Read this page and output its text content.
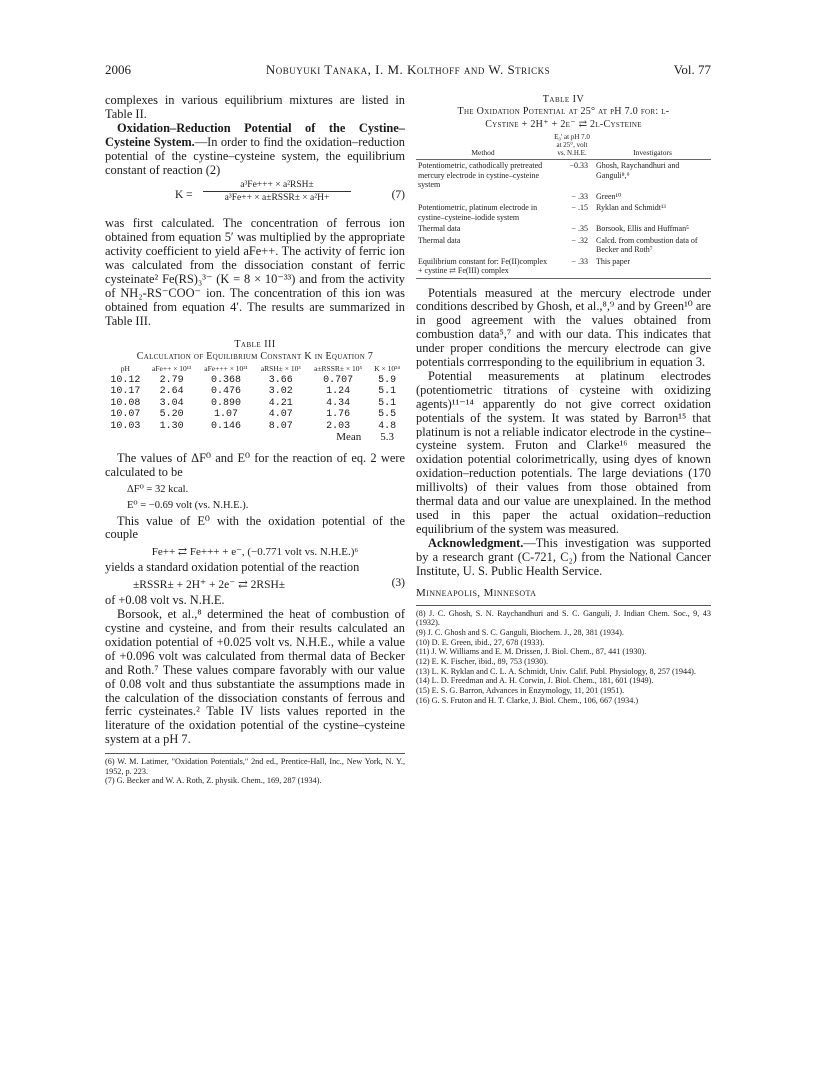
2006	Nobuyuki Tanaka, I. M. Kolthoff and W. Stricks	Vol. 77

complexes in various equilibrium mixtures are listed in Table II.

Oxidation–Reduction Potential of the Cystine–Cysteine System.—In order to find the oxidation–reduction potential of the cystine–cysteine system, the equilibrium constant of reaction (2)

K =
a³Fe+++ × a²RSH±
a³Fe++ × a±RSSR± × a²H+	(7)

was first calculated. The concentration of ferrous ion obtained from equation 5′ was multiplied by the appropriate activity coefficient to yield aFe++. The activity of ferric ion was calculated from the dissociation constant of ferric cysteinate² Fe(RS)₃³⁻ (K = 8 × 10⁻³³) and from the activity of NH₂-RS⁻COO⁻ ion. The concentration of this ion was obtained from equation 4′. The results are summarized in Table III.

Table III
Calculation of Equilibrium Constant K in Equation 7
pH	aFe++ × 10¹³	aFe+++ × 10²¹	aRSH± × 10³	a±RSSR± × 10⁵	K × 10²⁴
10.12	2.79	0.368	3.66	0.707	5.9
10.17	2.64	0.476	3.02	1.24	5.1
10.08	3.04	0.890	4.21	4.34	5.1
10.07	5.20	1.07	4.07	1.76	5.5
10.03	1.30	0.146	8.07	2.03	4.8
Mean					5.3

The values of ΔF⁰ and E⁰ for the reaction of eq. 2 were calculated to be

ΔF⁰ = 32 kcal.
E⁰ = −0.69 volt (vs. N.H.E.).

This value of E⁰ with the oxidation potential of the couple

Fe++ ⇄ Fe+++ + e⁻, (−0.771 volt vs. N.H.E.)⁶

yields a standard oxidation potential of the reaction

±RSSR± + 2H⁺ + 2e⁻ ⇄ 2RSH±	(3)

of +0.08 volt vs. N.H.E.

Borsook, et al.,⁸ determined the heat of combustion of cystine and cysteine, and from their results calculated an oxidation potential of +0.025 volt vs. N.H.E., while a value of +0.096 volt was calculated from thermal data of Becker and Roth.⁷ These values compare favorably with our value of 0.08 volt and thus substantiate the assumptions made in the calculation of the dissociation constants of ferrous and ferric cysteinates.² Table IV lists values reported in the literature of the oxidation potential of the cystine–cysteine system at a pH 7.

(6) W. M. Latimer, "Oxidation Potentials," 2nd ed., Prentice-Hall, Inc., New York, N. Y., 1952, p. 223.

(7) G. Becker and W. A. Roth, Z. physik. Chem., 169, 287 (1934).

Table IV
The Oxidation Potential at 25° at pH 7.0 for: l-
Cystine + 2H⁺ + 2e⁻ ⇄ 2l-Cysteine
Method	E₀′ at pH 7.0 at 25°, volt vs. N.H.E.	Investigators
Potentiometric, cathodically pretreated mercury electrode in cystine–cysteine system	−0.33	Ghosh, Raychandhuri and Ganguli⁸,⁹
	− .33	Green¹⁰
Potentiometric, platinum electrode in cystine–cysteine–iodide system	− .15	Ryklan and Schmidt¹³
Thermal data	− .35	Borsook, Ellis and Huffman⁵
Thermal data	− .32	Calcd. from combustion data of Becker and Roth⁷
Equilibrium constant for: Fe(II)complex + cystine ⇄ Fe(III) complex	− .33	This paper

Potentials measured at the mercury electrode under conditions described by Ghosh, et al.,⁸,⁹ and by Green¹⁰ are in good agreement with the values obtained from combustion data⁵,⁷ and with our data. This indicates that under proper conditions the mercury electrode can give potentials corrresponding to the equilibrium in equation 3.

Potential measurements at platinum electrodes (potentiometric titrations of cysteine with oxidizing agents)¹¹⁻¹⁴ apparently do not give correct oxidation potentials of the system. It was stated by Barron¹⁵ that platinum is not a reliable indicator electrode in the cystine–cysteine system. Fruton and Clarke¹⁶ measured the oxidation potential colorimetrically, using dyes of known oxidation–reduction potentials. The large deviations (170 millivolts) of their values from those obtained from thermal data and our value are unexplained. In the method used in this paper the actual oxidation–reduction equilibrium of the system was measured.

Acknowledgment.—This investigation was supported by a research grant (C-721, C₂) from the National Cancer Institute, U. S. Public Health Service.

Minneapolis, Minnesota

(8) J. C. Ghosh, S. N. Raychandhuri and S. C. Ganguli, J. Indian Chem. Soc., 9, 43 (1932).

(9) J. C. Ghosh and S. C. Ganguli, Biochem. J., 28, 381 (1934).

(10) D. E. Green, ibid., 27, 678 (1933).

(11) J. W. Williams and E. M. Drissen, J. Biol. Chem., 87, 441 (1930).

(12) E. K. Fischer, ibid., 89, 753 (1930).

(13) L. K. Ryklan and C. L. A. Schmidt, Univ. Calif. Publ. Physiology, 8, 257 (1944).

(14) L. D. Freedman and A. H. Corwin, J. Biol. Chem., 181, 601 (1949).

(15) E. S. G. Barron, Advances in Enzymology, 11, 201 (1951).

(16) G. S. Fruton and H. T. Clarke, J. Biol. Chem., 106, 667 (1934.)
